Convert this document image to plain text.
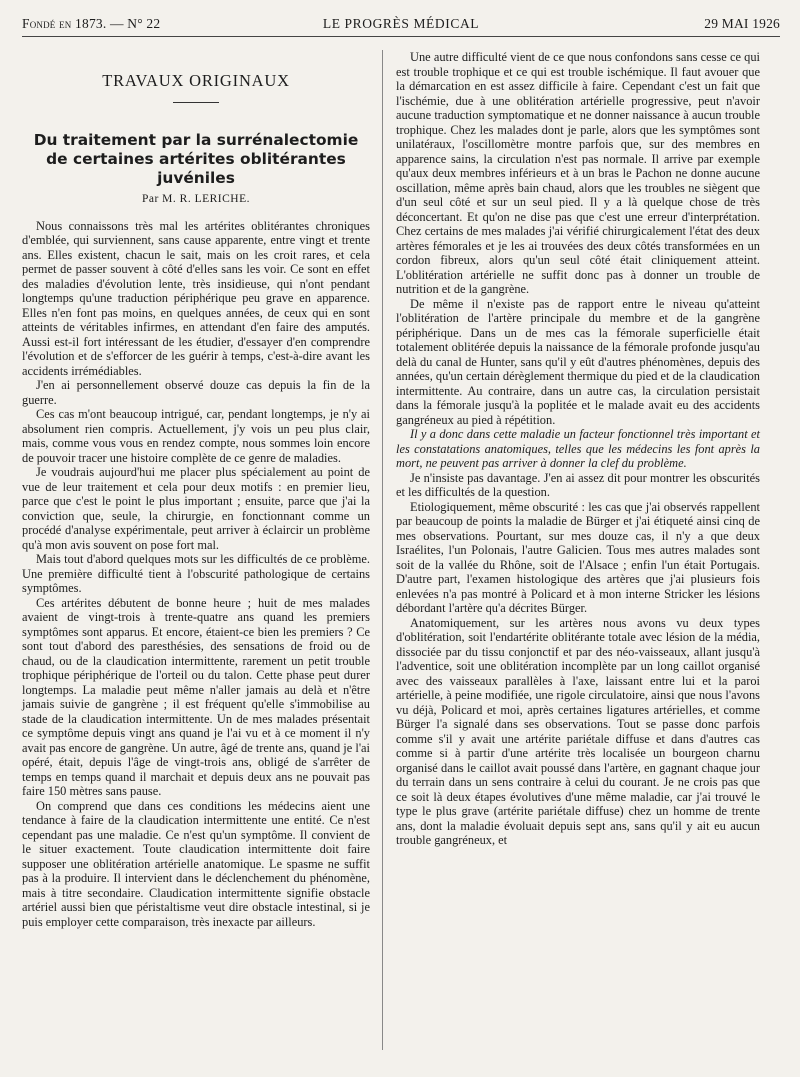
Fondé en 1873. — N° 22	LE PROGRÈS MÉDICAL	29 MAI 1926
TRAVAUX ORIGINAUX
Du traitement par la surrénalectomie
de certaines artérites oblitérantes juvéniles
Par M. R. LERICHE.

Nous connaissons très mal les artérites oblitérantes chroniques d'emblée, qui surviennent, sans cause apparente, entre vingt et trente ans. Elles existent, chacun le sait, mais on les croit rares, et cela permet de passer souvent à côté d'elles sans les voir. Ce sont en effet des maladies d'évolution lente, très insidieuse, qui n'ont pendant longtemps qu'une traduction périphérique peu grave en apparence. Elles n'en font pas moins, en quelques années, de ceux qui en sont atteints de véritables infirmes, en attendant d'en faire des amputés. Aussi est-il fort intéressant de les étudier, d'essayer d'en comprendre l'évolution et de s'efforcer de les guérir à temps, c'est-à-dire avant les accidents irrémédiables.

J'en ai personnellement observé douze cas depuis la fin de la guerre.

Ces cas m'ont beaucoup intrigué, car, pendant longtemps, je n'y ai absolument rien compris. Actuellement, j'y vois un peu plus clair, mais, comme vous vous en rendez compte, nous sommes loin encore de pouvoir tracer une histoire complète de ce genre de maladies.

Je voudrais aujourd'hui me placer plus spécialement au point de vue de leur traitement et cela pour deux motifs : en premier lieu, parce que c'est le point le plus important ; ensuite, parce que j'ai la conviction que, seule, la chirurgie, en fonctionnant comme un procédé d'analyse expérimentale, peut arriver à éclaircir un problème qu'à mon avis souvent on pose fort mal.

Mais tout d'abord quelques mots sur les difficultés de ce problème. Une première difficulté tient à l'obscurité pathologique de certains symptômes.

Ces artérites débutent de bonne heure ; huit de mes malades avaient de vingt-trois à trente-quatre ans quand les premiers symptômes sont apparus. Et encore, étaient-ce bien les premiers ? Ce sont tout d'abord des paresthésies, des sensations de froid ou de chaud, ou de la claudication intermittente, rarement un petit trouble trophique périphérique de l'orteil ou du talon. Cette phase peut durer longtemps. La maladie peut même n'aller jamais au delà et n'être jamais suivie de gangrène ; il est fréquent qu'elle s'immobilise au stade de la claudication intermittente. Un de mes malades présentait ce symptôme depuis vingt ans quand je l'ai vu et à ce moment il n'y avait pas encore de gangrène. Un autre, âgé de trente ans, quand je l'ai opéré, était, depuis l'âge de vingt-trois ans, obligé de s'arrêter de temps en temps quand il marchait et depuis deux ans ne pouvait pas faire 150 mètres sans pause.

On comprend que dans ces conditions les médecins aient une tendance à faire de la claudication intermittente une entité. Ce n'est cependant pas une maladie. Ce n'est qu'un symptôme. Il convient de le situer exactement. Toute claudication intermittente doit faire supposer une oblitération artérielle anatomique. Le spasme ne suffit pas à la produire. Il intervient dans le déclenchement du phénomène, mais à titre secondaire. Claudication intermittente signifie obstacle artériel aussi bien que péristaltisme veut dire obstacle intestinal, si je puis employer cette comparaison, très inexacte par ailleurs.

Une autre difficulté vient de ce que nous confondons sans cesse ce qui est trouble trophique et ce qui est trouble ischémique. Il faut avouer que la démarcation en est assez difficile à faire. Cependant c'est un fait que l'ischémie, due à une oblitération artérielle progressive, peut n'avoir aucune traduction symptomatique et ne donner naissance à aucun trouble trophique. Chez les malades dont je parle, alors que les symptômes sont unilatéraux, l'oscillomètre montre parfois que, sur des membres en apparence sains, la circulation n'est pas normale. Il arrive par exemple qu'aux deux membres inférieurs et à un bras le Pachon ne donne aucune oscillation, même après bain chaud, alors que les troubles ne siègent que d'un seul côté et sur un seul pied. Il y a là quelque chose de très déconcertant. Et qu'on ne dise pas que c'est une erreur d'interprétation. Chez certains de mes malades j'ai vérifié chirurgicalement l'état des deux artères fémorales et je les ai trouvées des deux côtés transformées en un cordon fibreux, alors qu'un seul côté était cliniquement atteint. L'oblitération artérielle ne suffit donc pas à donner un trouble de nutrition et de la gangrène.

De même il n'existe pas de rapport entre le niveau qu'atteint l'oblitération de l'artère principale du membre et de la gangrène périphérique. Dans un de mes cas la fémorale superficielle était totalement oblitérée depuis la naissance de la fémorale profonde jusqu'au delà du canal de Hunter, sans qu'il y eût d'autres phénomènes, depuis des années, qu'un certain dérèglement thermique du pied et de la claudication intermittente. Au contraire, dans un autre cas, la circulation persistait dans la fémorale jusqu'à la poplitée et le malade avait eu des accidents gangréneux au pied à répétition.

Il y a donc dans cette maladie un facteur fonctionnel très important et les constatations anatomiques, telles que les médecins les font après la mort, ne peuvent pas arriver à donner la clef du problème.

Je n'insiste pas davantage. J'en ai assez dit pour montrer les obscurités et les difficultés de la question.

Etiologiquement, même obscurité : les cas que j'ai observés rappellent par beaucoup de points la maladie de Bürger et j'ai étiqueté ainsi cinq de mes observations. Pourtant, sur mes douze cas, il n'y a que deux Israélites, l'un Polonais, l'autre Galicien. Tous mes autres malades sont soit de la vallée du Rhône, soit de l'Alsace ; enfin l'un était Portugais. D'autre part, l'examen histologique des artères que j'ai plusieurs fois enlevées n'a pas montré à Policard et à mon interne Stricker les lésions débordant l'artère qu'a décrites Bürger.

Anatomiquement, sur les artères nous avons vu deux types d'oblitération, soit l'endartérite oblitérante totale avec lésion de la média, dissociée par du tissu conjonctif et par des néo-vaisseaux, allant jusqu'à l'adventice, soit une oblitération incomplète par un long caillot organisé avec des vaisseaux parallèles à l'axe, laissant entre lui et la paroi artérielle, à peine modifiée, une rigole circulatoire, ainsi que nous l'avons vu déjà, Policard et moi, après certaines ligatures artérielles, et comme Bürger l'a signalé dans ses observations. Tout se passe donc parfois comme s'il y avait une artérite pariétale diffuse et dans d'autres cas comme si à partir d'une artérite très localisée un bourgeon charnu organisé dans le caillot avait poussé dans l'artère, en gagnant chaque jour du terrain dans un sens contraire à celui du courant. Je ne crois pas que ce soit là deux étapes évolutives d'une même maladie, car j'ai trouvé le type le plus grave (artérite pariétale diffuse) chez un homme de trente ans, dont la maladie évoluait depuis sept ans, sans qu'il y ait eu aucun trouble gangréneux, et
